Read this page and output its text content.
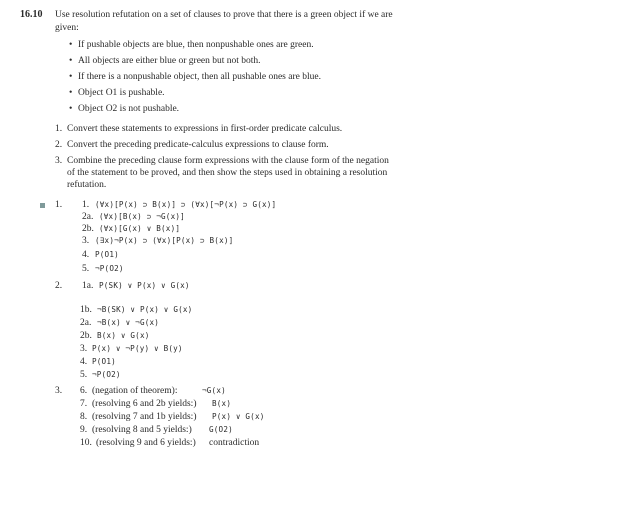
16.10 Use resolution refutation on a set of clauses to prove that there is a green object if we are
given:
• If pushable objects are blue, then nonpushable ones are green.
• All objects are either blue or green but not both.
• If there is a nonpushable object, then all pushable ones are blue.
• Object O1 is pushable.
• Object O2 is not pushable.
1. Convert these statements to expressions in first-order predicate calculus.
2. Convert the preceding predicate-calculus expressions to clause form.
3. Combine the preceding clause form expressions with the clause form of the negation
of the statement to be proved, and then show the steps used in obtaining a resolution
refutation.
1. 1. (∀x)[P(x) ⊃ B(x)] ⊃ (∀x)[¬P(x) ⊃ G(x)]
2a. (∀x)[B(x) ⊃ ¬G(x)]
2b. (∀x)[G(x) ∨ B(x)]
3. (∃x)¬P(x) ⊃ (∀x)[P(x) ⊃ B(x)]
4. P(O1)
5. ¬P(O2)
2. 1a. P(SK) ∨ P(x) ∨ G(x)
1b. ¬B(SK) ∨ P(x) ∨ G(x)
2a. ¬B(x) ∨ ¬G(x)
2b. B(x) ∨ G(x)
3. P(x) ∨ ¬P(y) ∨ B(y)
4. P(O1)
5. ¬P(O2)
3. 6. (negation of theorem):	¬G(x)
7. (resolving 6 and 2b yields:) B(x)
8. (resolving 7 and 1b yields:) P(x) ∨ G(x)
9. (resolving 8 and 5 yields:) G(O2)
10. (resolving 9 and 6 yields:) contradiction
